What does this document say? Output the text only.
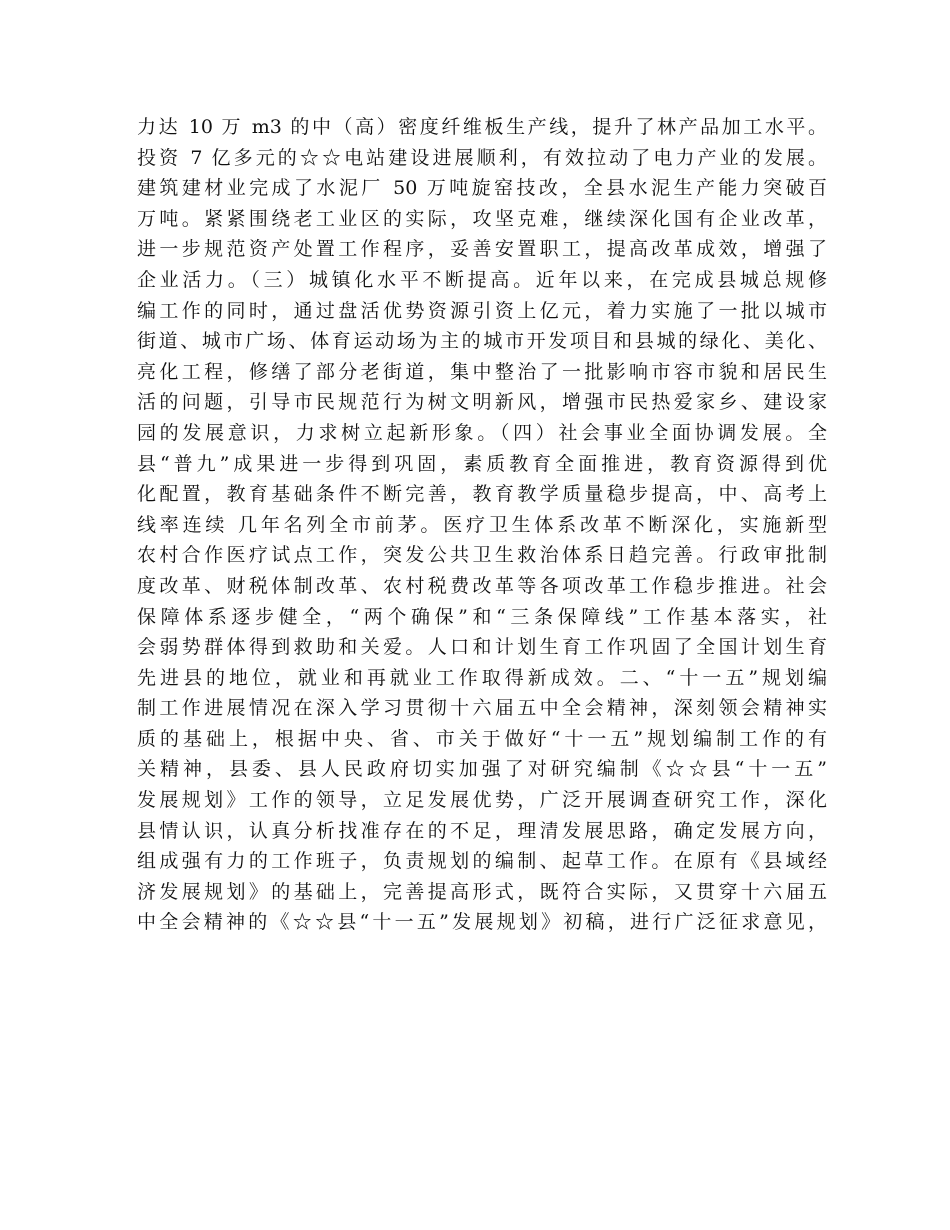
力达 10 万 m3 的中（高）密度纤维板生产线，提升了林产品加工水平。
投资 7 亿多元的☆☆电站建设进展顺利，有效拉动了电力产业的发展。
建筑建材业完成了水泥厂 50 万吨旋窑技改，全县水泥生产能力突破百
万吨。紧紧围绕老工业区的实际，攻坚克难，继续深化国有企业改革，
进一步规范资产处置工作程序，妥善安置职工，提高改革成效，增强了
企业活力。（三）城镇化水平不断提高。近年以来，在完成县城总规修
编工作的同时，通过盘活优势资源引资上亿元，着力实施了一批以城市
街道、城市广场、体育运动场为主的城市开发项目和县城的绿化、美化、
亮化工程，修缮了部分老街道，集中整治了一批影响市容市貌和居民生
活的问题，引导市民规范行为树文明新风，增强市民热爱家乡、建设家
园的发展意识，力求树立起新形象。（四）社会事业全面协调发展。全
县“普九”成果进一步得到巩固，素质教育全面推进，教育资源得到优
化配置，教育基础条件不断完善，教育教学质量稳步提高，中、高考上
线率连续 几年名列全市前茅。医疗卫生体系改革不断深化，实施新型
农村合作医疗试点工作，突发公共卫生救治体系日趋完善。行政审批制
度改革、财税体制改革、农村税费改革等各项改革工作稳步推进。社会
保障体系逐步健全，“两个确保”和“三条保障线”工作基本落实，社
会弱势群体得到救助和关爱。人口和计划生育工作巩固了全国计划生育
先进县的地位，就业和再就业工作取得新成效。二、“十一五”规划编
制工作进展情况在深入学习贯彻十六届五中全会精神，深刻领会精神实
质的基础上，根据中央、省、市关于做好“十一五”规划编制工作的有
关精神，县委、县人民政府切实加强了对研究编制《☆☆县“十一五”
发展规划》工作的领导，立足发展优势，广泛开展调查研究工作，深化
县情认识，认真分析找准存在的不足，理清发展思路，确定发展方向，
组成强有力的工作班子，负责规划的编制、起草工作。在原有《县域经
济发展规划》的基础上，完善提高形式，既符合实际，又贯穿十六届五
中全会精神的《☆☆县“十一五”发展规划》初稿，进行广泛征求意见，
